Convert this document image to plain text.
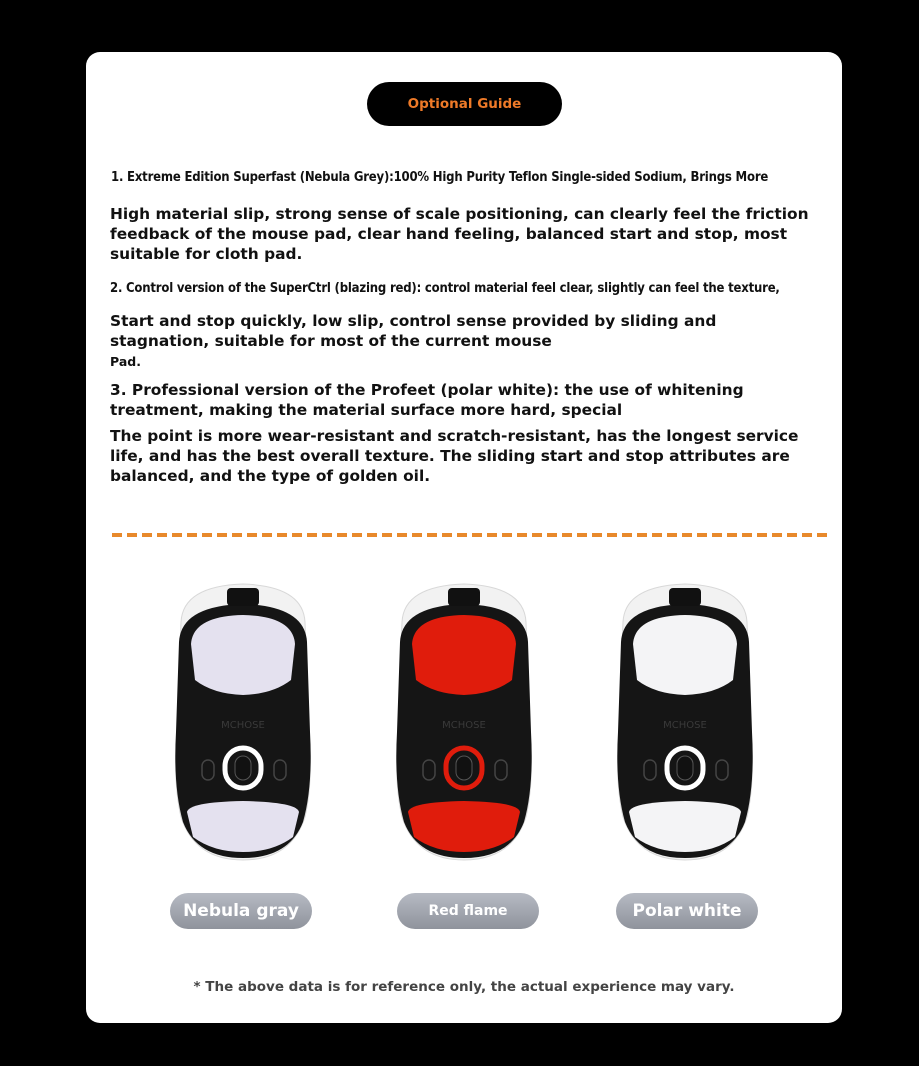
Optional Guide
1. Extreme Edition Superfast (Nebula Grey):100% High Purity Teflon Single-sided Sodium, Brings More
High material slip, strong sense of scale positioning, can clearly feel the friction feedback of the mouse pad, clear hand feeling, balanced start and stop, most suitable for cloth pad.
2. Control version of the SuperCtrl (blazing red): control material feel clear, slightly can feel the texture,
Start and stop quickly, low slip, control sense provided by sliding and stagnation, suitable for most of the current mouse
Pad.
3. Professional version of the Profeet (polar white): the use of whitening treatment, making the material surface more hard, special
The point is more wear-resistant and scratch-resistant, has the longest service life, and has the best overall texture. The sliding start and stop attributes are balanced, and the type of golden oil.
MCHOSE
Nebula gray
MCHOSE
Red flame
MCHOSE
Polar white
* The above data is for reference only, the actual experience may vary.
